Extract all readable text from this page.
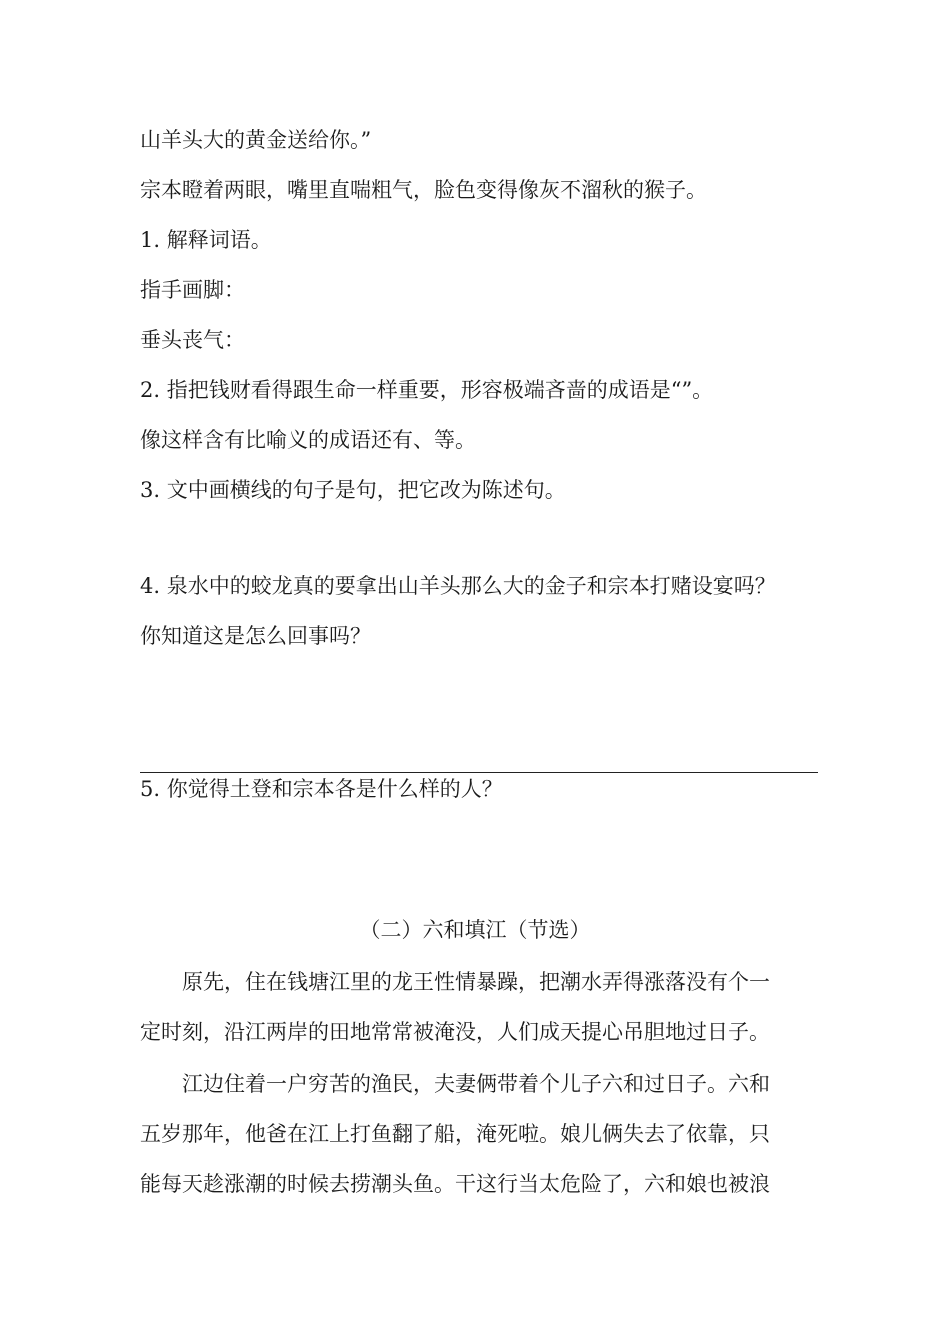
山羊头大的黄金送给你。”
宗本瞪着两眼，嘴里直喘粗气，脸色变得像灰不溜秋的猴子。
1. 解释词语。
指手画脚：
垂头丧气：
2. 指把钱财看得跟生命一样重要，形容极端吝啬的成语是“”。
像这样含有比喻义的成语还有、等。
3. 文中画横线的句子是句，把它改为陈述句。
4. 泉水中的蛟龙真的要拿出山羊头那么大的金子和宗本打赌设宴吗？
你知道这是怎么回事吗？
5. 你觉得土登和宗本各是什么样的人？
（二）六和填江（节选）
原先，住在钱塘江里的龙王性情暴躁，把潮水弄得涨落没有个一
定时刻，沿江两岸的田地常常被淹没，人们成天提心吊胆地过日子。
江边住着一户穷苦的渔民，夫妻俩带着个儿子六和过日子。六和
五岁那年，他爸在江上打鱼翻了船，淹死啦。娘儿俩失去了依靠，只
能每天趁涨潮的时候去捞潮头鱼。干这行当太危险了，六和娘也被浪
